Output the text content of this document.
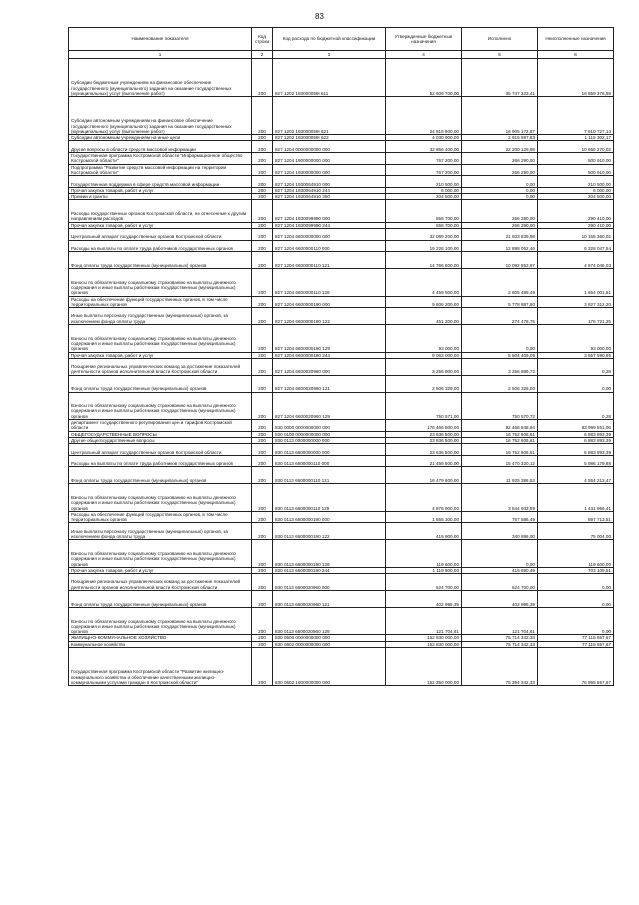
83
Наименование показателя	Код строки	Код расхода по бюджетной классификации	Утвержденные бюджетные назначения	Исполнено	Неисполненные назначения
1	2	3	4	5	6
Субсидии бюджетным учреждениям на финансовое обеспечение государственного (муниципального) задания на оказание государственных (муниципальных) услуг (выполнение работ)	200	827 1202 193000059І 611	52 606 700,00	35 747 323,41	16 859 376,59
Субсидии автономным учреждениям на финансовое обеспечение государственного (муниципального) задания на оказание государственных (муниципальных) услуг (выполнение работ)	200	827 1202 193000059І 621	24 815 900,00	16 905 172,87	7 910 727,13
Субсидии автономным учреждениям на иные цели	200	827 1202 193000059І 622	4 030 900,00	2 915 597,83	1 115 302,17
Другие вопросы в области средств массовой информации	200	827 1204 0000000000 000	32 856 400,00	22 200 129,98	10 656 270,02
Государственная программа Костромской области "Информационное общество Костромской области"	200	827 1204 1900000000 000	767 200,00	266 290,00	500 910,00
Подпрограмма "Развитие средств массовой информации на территории Костромской области"	200	827 1204 1930000000 000	767 200,00	266 290,00	500 910,00
Государственная поддержка в сфере средств массовой информации	200	827 1204 1930064910 000	210 500,00	0,00	210 500,00
Прочая закупка товаров, работ и услуг	200	827 1204 1930064910 244	6 000,00	0,00	6 000,00
Премии и гранты	200	827 1204 1930064910 350	204 500,00	0,00	204 500,00
Расходы государственных органов Костромской области, не отнесенные к другим направлениям расходов	200	827 1204 1930099990 000	556 700,00	266 290,00	290 410,00
Прочая закупка товаров, работ и услуг	200	827 1204 1930099990 244	556 700,00	266 290,00	290 410,00
Центральный аппарат государственных органов Костромской области	200	827 1204 6600000000 000	32 089 200,00	21 933 839,98	10 155 360,02
Расходы на выплаты по оплате труда работников государственных органов	200	827 1204 6600000110 000	19 226 100,00	12 898 052,46	6 328 047,54
Фонд оплаты труда государственных (муниципальных) органов	200	827 1204 6600000110 121	14 766 600,00	10 092 553,97	4 674 046,03
Взносы по обязательному социальному страхованию на выплаты денежного содержания и иные выплаты работникам государственных (муниципальных) органов	200	827 1204 6600000110 129	4 459 500,00	2 805 498,49	1 654 001,51
Расходы на обеспечение функций государственных органов, в том числе территориальных органов	200	827 1204 6600000190 000	9 606 200,00	5 778 887,80	3 827 312,20
Иные выплаты персоналу государственных (муниципальных) органов, за исключением фонда оплаты труда	200	827 1204 6600000190 122	451 200,00	274 478,75	176 721,25
Взносы по обязательному социальному страхованию на выплаты денежного содержания и иные выплаты работникам государственных (муниципальных) органов	200	827 1204 6600000190 129	93 000,00	0,00	93 000,00
Прочая закупка товаров, работ и услуг	200	827 1204 6600000190 244	9 062 000,00	5 504 409,05	3 557 590,95
Поощрение региональных управленческих команд за достижение показателей деятельности органов исполнительной власти Костромской области	200	827 1204 6600020960 000	3 256 900,00	3 256 899,72	0,28
Фонд оплаты труда государственных (муниципальных) органов	200	827 1204 6600020960 121	2 506 329,00	2 506 329,00	0,00
Взносы по обязательному социальному страхованию на выплаты денежного содержания и иные выплаты работникам государственных (муниципальных) органов	200	827 1204 6600020960 129	750 571,00	750 570,72	0,28
департамент государственного регулирования цен и тарифов Костромской области	200	830 0000 0000000000 000	176 466 500,00	92 466 948,94	83 999 551,06
ОБЩЕГОСУДАРСТВЕННЫЕ ВОПРОСЫ	200	830 0100 0000000000 000	23 636 500,00	16 752 606,61	6 883 893,39
Другие общегосударственные вопросы	200	830 0113 0000000000 000	23 636 500,00	16 752 606,61	6 883 893,39
Центральный аппарат государственных органов Костромской области	200	830 0113 6600000000 000	23 636 500,00	16 752 606,61	6 883 893,39
Расходы на выплаты по оплате труда работников государственных органов	200	830 0113 6600000110 000	21 456 500,00	15 470 320,12	5 986 179,88
Фонд оплаты труда государственных (муниципальных) органов	200	830 0113 6600000110 121	16 479 600,00	11 925 386,53	4 554 213,47
Взносы по обязательному социальному страхованию на выплаты денежного содержания и иные выплаты работникам государственных (муниципальных) органов	200	830 0113 6600000110 129	4 976 900,00	3 544 933,59	1 431 966,41
Расходы на обеспечение функций государственных органов, в том числе территориальных органов	200	830 0113 6600000190 000	1 655 300,00	757 586,49	897 713,51
Иные выплаты персоналу государственных (муниципальных) органов, за исключением фонда оплаты труда	200	830 0113 6600000190 122	415 900,00	340 896,00	75 004,00
Взносы по обязательному социальному страхованию на выплаты денежного содержания и иные выплаты работникам государственных (муниципальных) органов	200	830 0113 6600000190 129	119 600,00	0,00	119 600,00
Прочая закупка товаров, работ и услуг	200	830 0113 6600000190 244	1 119 800,00	416 690,49	703 109,51
Поощрение региональных управленческих команд за достижение показателей деятельности органов исполнительной власти Костромской области	200	830 0113 6600020960 000	524 700,00	524 700,00	0,00
Фонд оплаты труда государственных (муниципальных) органов	200	830 0113 6600020960 121	402 995,39	402 995,39	0,00
Взносы по обязательному социальному страхованию на выплаты денежного содержания и иные выплаты работникам государственных (муниципальных) органов	200	830 0113 6600020960 129	121 704,61	121 704,61	0,00
ЖИЛИЩНО-КОММУНАЛЬНОЕ ХОЗЯЙСТВО	200	830 0500 0000000000 000	152 830 000,00	75 714 342,33	77 115 657,67
Коммунальное хозяйство	200	830 0502 0000000000 000	152 830 000,00	75 714 342,33	77 115 657,67
Государственная программа Костромской области "Развитие жилищно-коммунального хозяйства и обеспечение качественными жилищно-коммунальными услугами граждан в Костромской области"	200	830 0502 1600000000 000	152 350 000,00	75 394 342,33	76 955 657,67
